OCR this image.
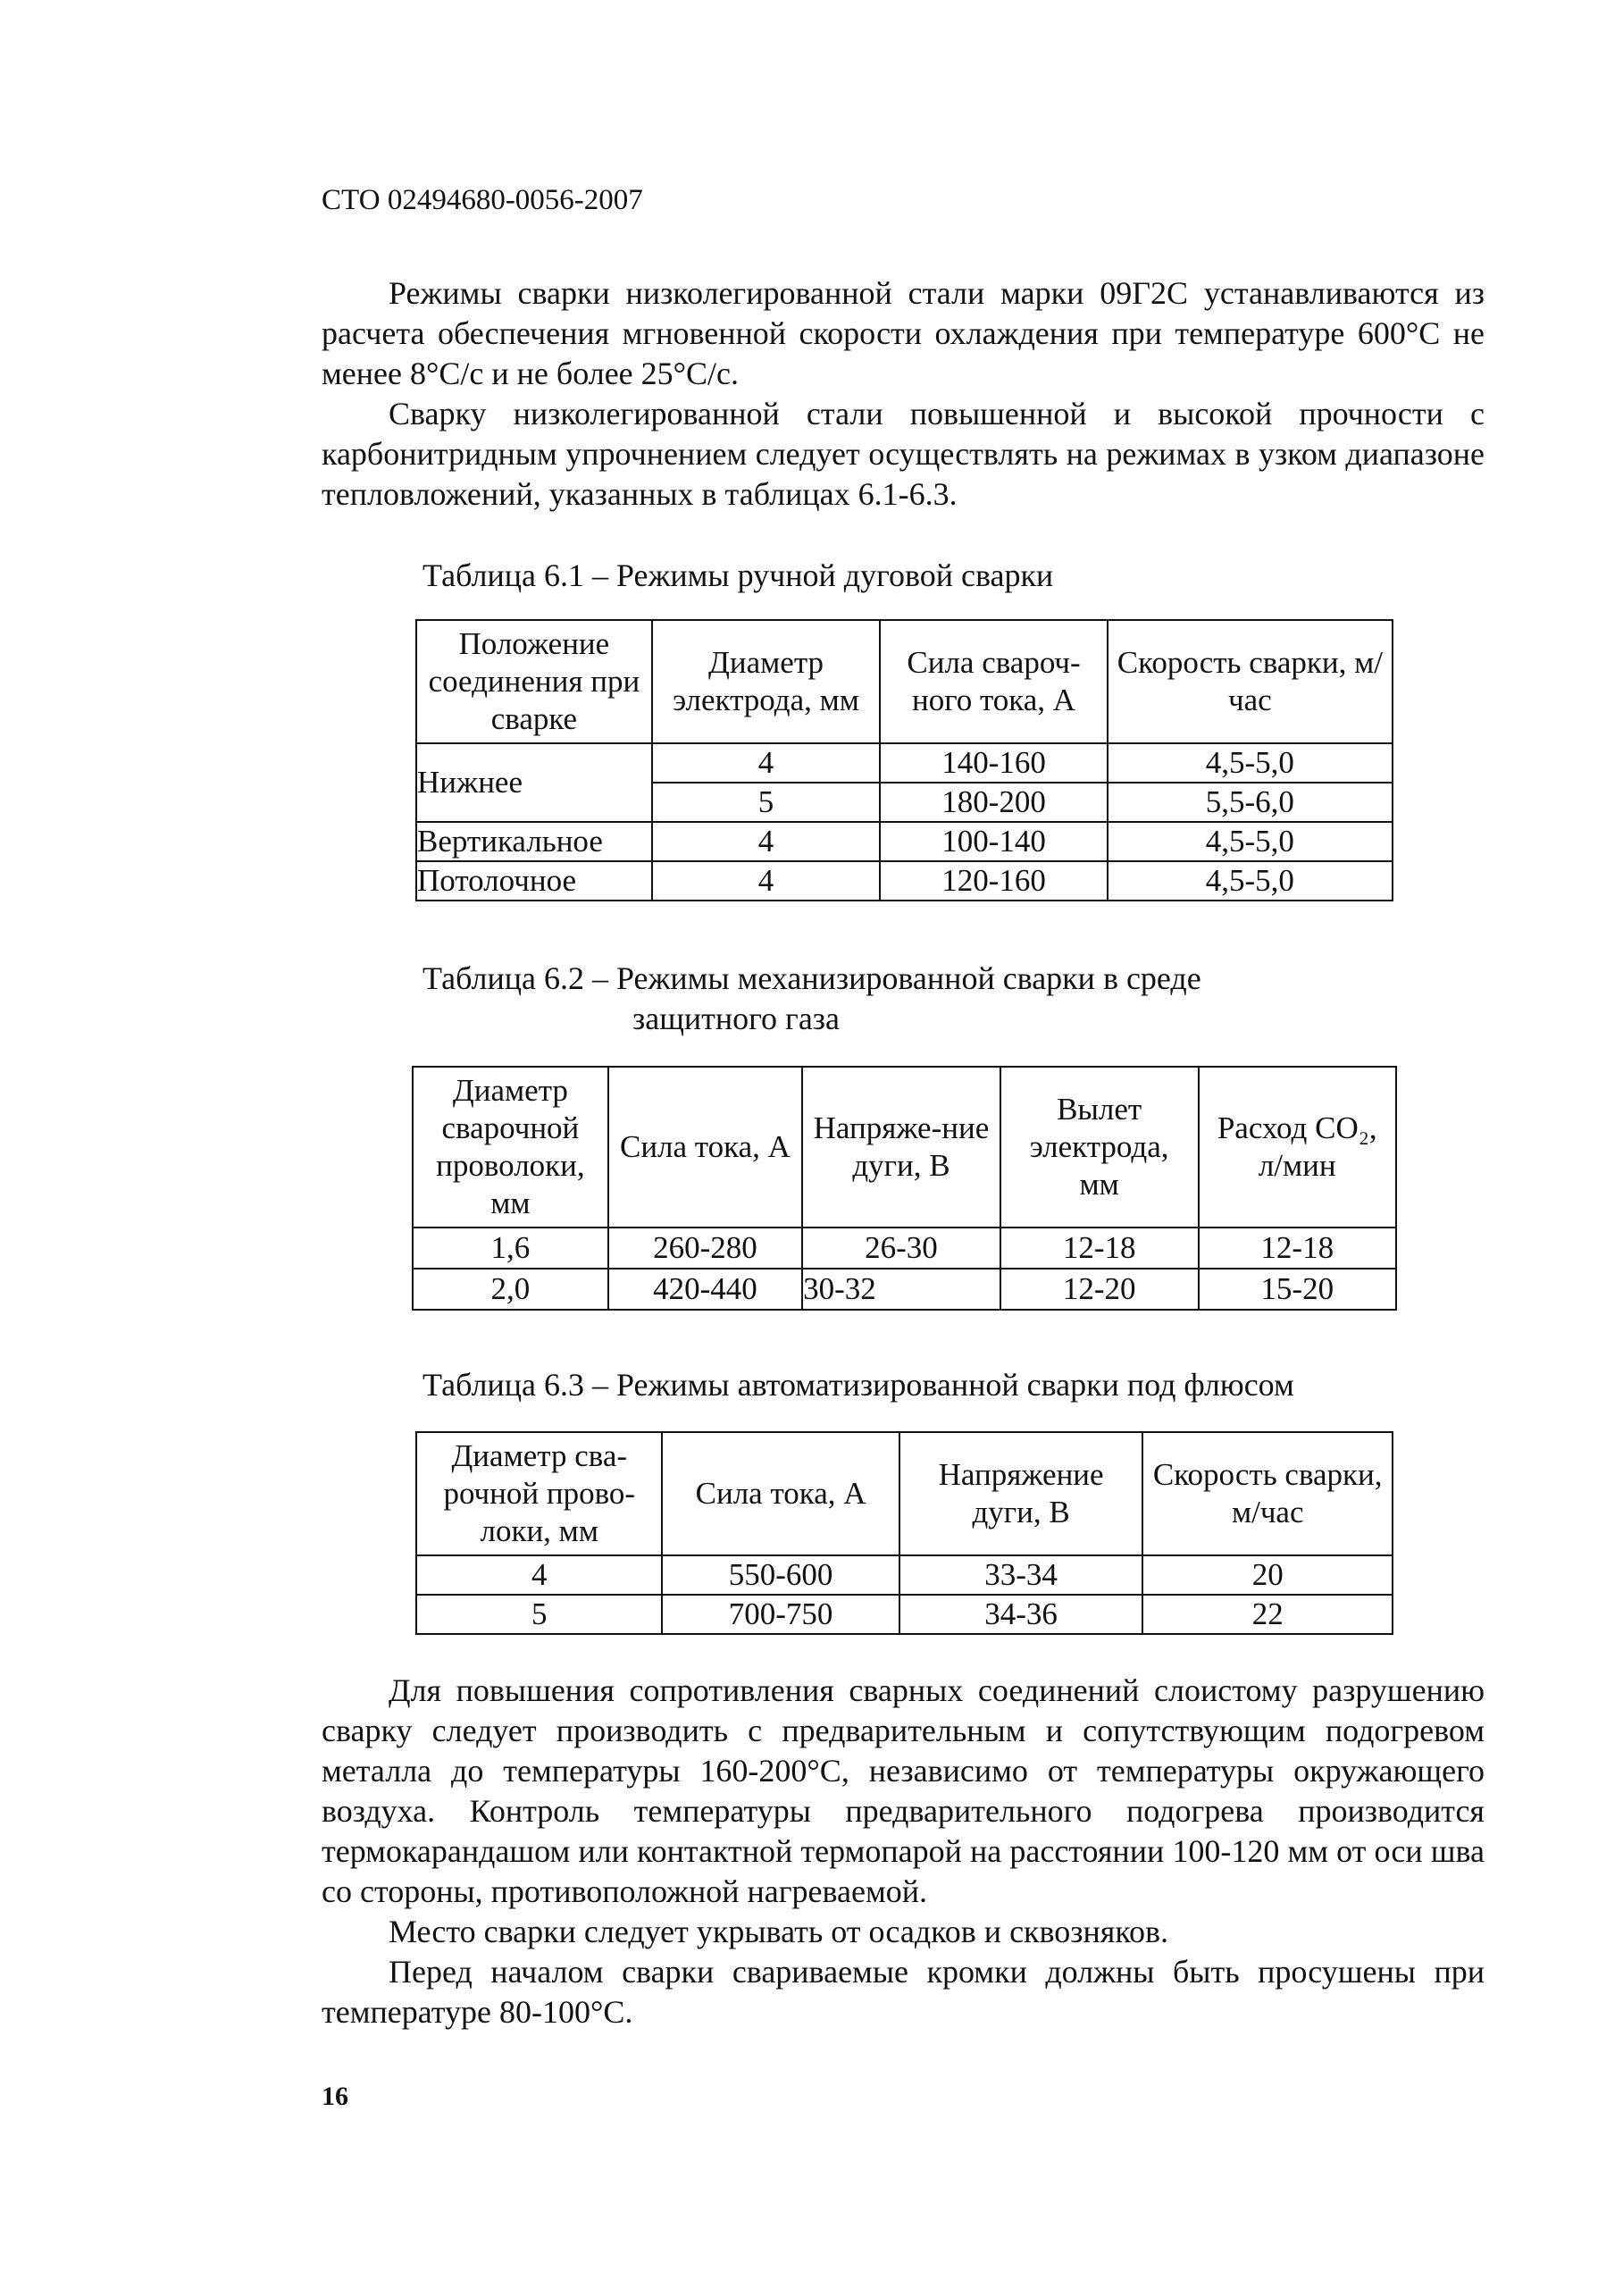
СТО 02494680-0056-2007

Режимы сварки низколегированной стали марки 09Г2С устанавливаются из расчета обеспечения мгновенной скорости охлаждения при температуре 600°С не менее 8°С/с и не более 25°С/с.

Сварку низколегированной стали повышенной и высокой прочности с карбонитридным упрочнением следует осуществлять на режимах в узком диапазоне тепловложений, указанных в таблицах 6.1-6.3.

Таблица 6.1 – Режимы ручной дуговой сварки
Положение соединения при сварке	Диаметр электрода, мм	Сила свароч-ного тока, А	Скорость сварки, м/час
Нижнее	4	140-160	4,5-5,0
	5	180-200	5,5-6,0
Вертикальное	4	100-140	4,5-5,0
Потолочное	4	120-160	4,5-5,0
Таблица 6.2 – Режимы механизированной сварки в среде
защитного газа
Диаметр сварочной проволоки, мм	Сила тока, А	Напряже-ние дуги, В	Вылет электрода, мм	Расход CO₂, л/мин
1,6	260-280	26-30	12-18	12-18
2,0	420-440	30-32	12-20	15-20
Таблица 6.3 – Режимы автоматизированной сварки под флюсом
Диаметр сва-рочной прово-локи, мм	Сила тока, А	Напряжение дуги, В	Скорость сварки, м/час
4	550-600	33-34	20
5	700-750	34-36	22

Для повышения сопротивления сварных соединений слоистому разрушению сварку следует производить с предварительным и сопутствующим подогревом металла до температуры 160-200°С, независимо от температуры окружающего воздуха. Контроль температуры предварительного подогрева производится термокарандашом или контактной термопарой на расстоянии 100-120 мм от оси шва со стороны, противоположной нагреваемой.

Место сварки следует укрывать от осадков и сквозняков.

Перед началом сварки свариваемые кромки должны быть просушены при температуре 80-100°С.

16
